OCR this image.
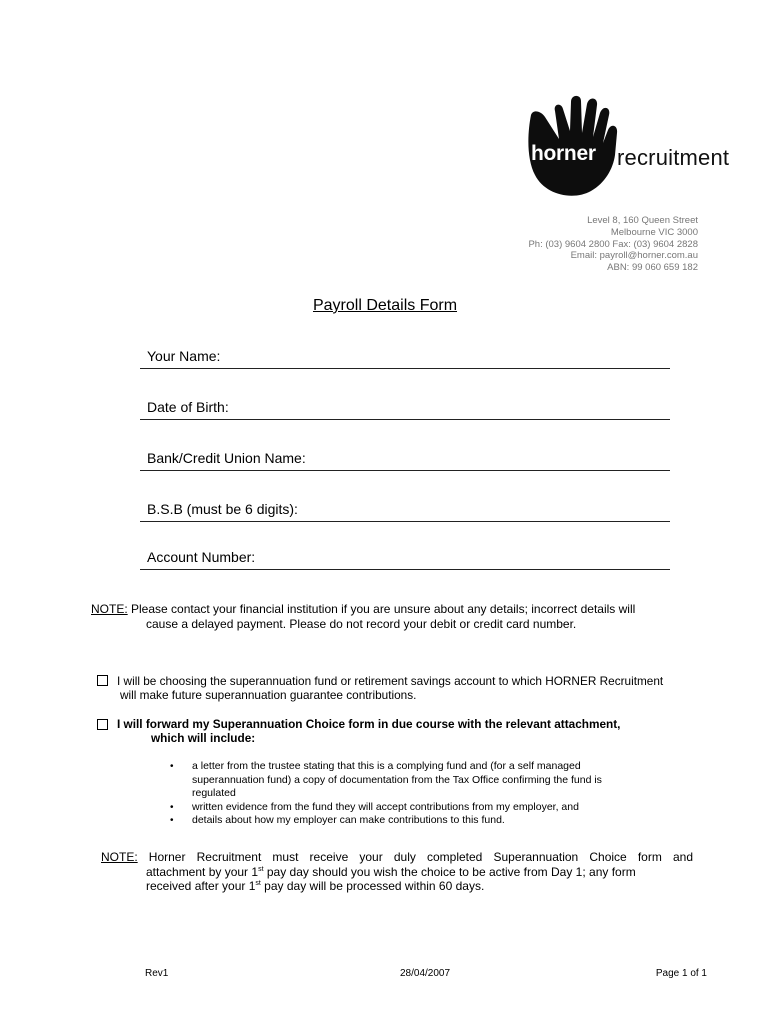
horner recruitment
Level 8, 160 Queen Street
Melbourne VIC 3000
Ph: (03) 9604 2800 Fax: (03) 9604 2828
Email: payroll@horner.com.au
ABN: 99 060 659 182
Payroll Details Form
Your Name:
Date of Birth:
Bank/Credit Union Name:
B.S.B (must be 6 digits):
Account Number:
NOTE: Please contact your financial institution if you are unsure about any details; incorrect details will
cause a delayed payment. Please do not record your debit or credit card number.
I will be choosing the superannuation fund or retirement savings account to which HORNER Recruitment
will make future superannuation guarantee contributions.
I will forward my Superannuation Choice form in due course with the relevant attachment,
which will include:
• a letter from the trustee stating that this is a complying fund and (for a self managed
superannuation fund) a copy of documentation from the Tax Office confirming the fund is
regulated
• written evidence from the fund they will accept contributions from my employer, and
• details about how my employer can make contributions to this fund.
NOTE: Horner Recruitment must receive your duly completed Superannuation Choice form and
attachment by your 1st pay day should you wish the choice to be active from Day 1; any form
received after your 1st pay day will be processed within 60 days.
Rev1	28/04/2007	Page 1 of 1
